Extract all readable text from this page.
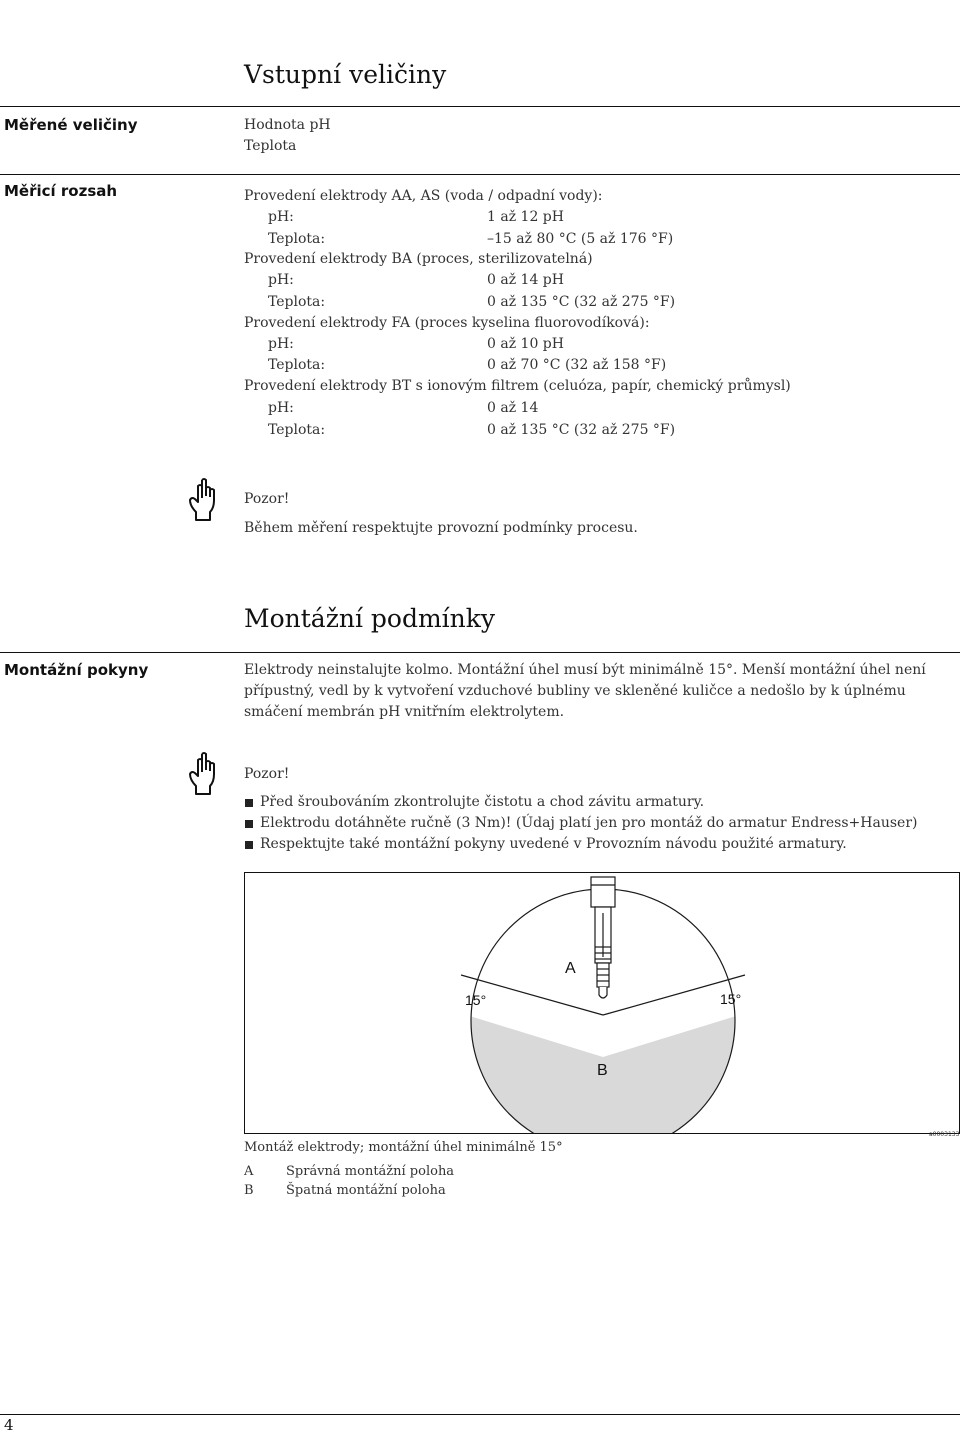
Vstupní veličiny
Měřené veličiny	Hodnota pH
Teplota
Měřicí rozsah	Provedení elektrody AA, AS (voda / odpadní vody):
pH:	1 až 12 pH
Teplota:	–15 až 80 °C (5 až 176 °F)
Provedení elektrody BA (proces, sterilizovatelná)
pH:	0 až 14 pH
Teplota:	0 až 135 °C (32 až 275 °F)
Provedení elektrody FA (proces kyselina fluorovodíková):
pH:	0 až 10 pH
Teplota:	0 až 70 °C (32 až 158 °F)
Provedení elektrody BT s ionovým filtrem (celuóza, papír, chemický průmysl)
pH:	0 až 14
Teplota:	0 až 135 °C (32 až 275 °F)
Pozor!
Během měření respektujte provozní podmínky procesu.
Montážní podmínky
Montážní pokyny	Elektrody neinstalujte kolmo. Montážní úhel musí být minimálně 15°. Menší montážní úhel není přípustný, vedl by k vytvoření vzduchové bubliny ve skleněné kuličce a nedošlo by k úplnému smáčení membrán pH vnitřním elektrolytem.
Pozor!
Před šroubováním zkontrolujte čistotu a chod závitu armatury.
Elektrodu dotáhněte ručně (3 Nm)! (Údaj platí jen pro montáž do armatur Endress+Hauser)
Respektujte také montážní pokyny uvedené v Provozním návodu použité armatury.
A
B
15°	15°
a0003133
Montáž elektrody; montážní úhel minimálně 15°
A	Správná montážní poloha
B Špatná montážní poloha
4
